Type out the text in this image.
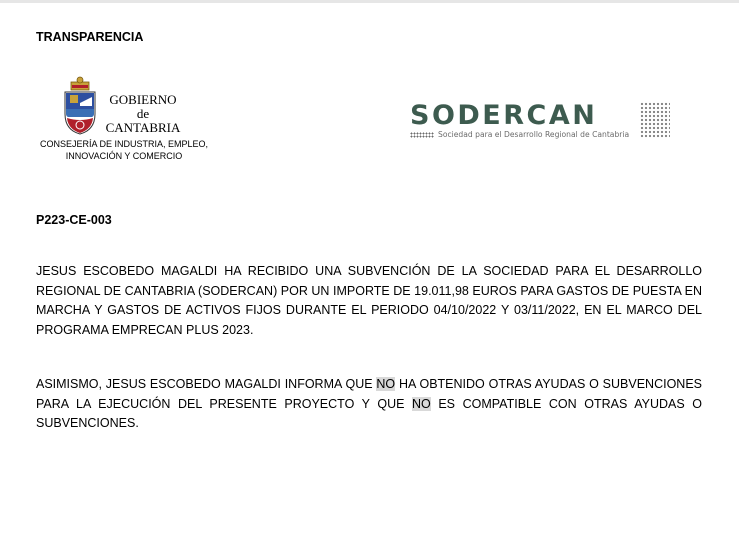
TRANSPARENCIA
GOBIERNO
de
CANTABRIA
CONSEJERÍA DE INDUSTRIA, EMPLEO,
INNOVACIÓN Y COMERCIO
SODERCAN
Sociedad para el Desarrollo Regional de Cantabria
P223-CE-003

JESUS ESCOBEDO MAGALDI HA RECIBIDO UNA SUBVENCIÓN DE LA SOCIEDAD PARA EL DESARROLLO REGIONAL DE CANTABRIA (SODERCAN) POR UN IMPORTE DE 19.011,98 EUROS PARA GASTOS DE PUESTA EN MARCHA Y GASTOS DE ACTIVOS FIJOS DURANTE EL PERIODO 04/10/2022 Y 03/11/2022, EN EL MARCO DEL PROGRAMA EMPRECAN PLUS 2023.

ASIMISMO, JESUS ESCOBEDO MAGALDI INFORMA QUE NO HA OBTENIDO OTRAS AYUDAS O SUBVENCIONES PARA LA EJECUCIÓN DEL PRESENTE PROYECTO Y QUE NO ES COMPATIBLE CON OTRAS AYUDAS O SUBVENCIONES.
